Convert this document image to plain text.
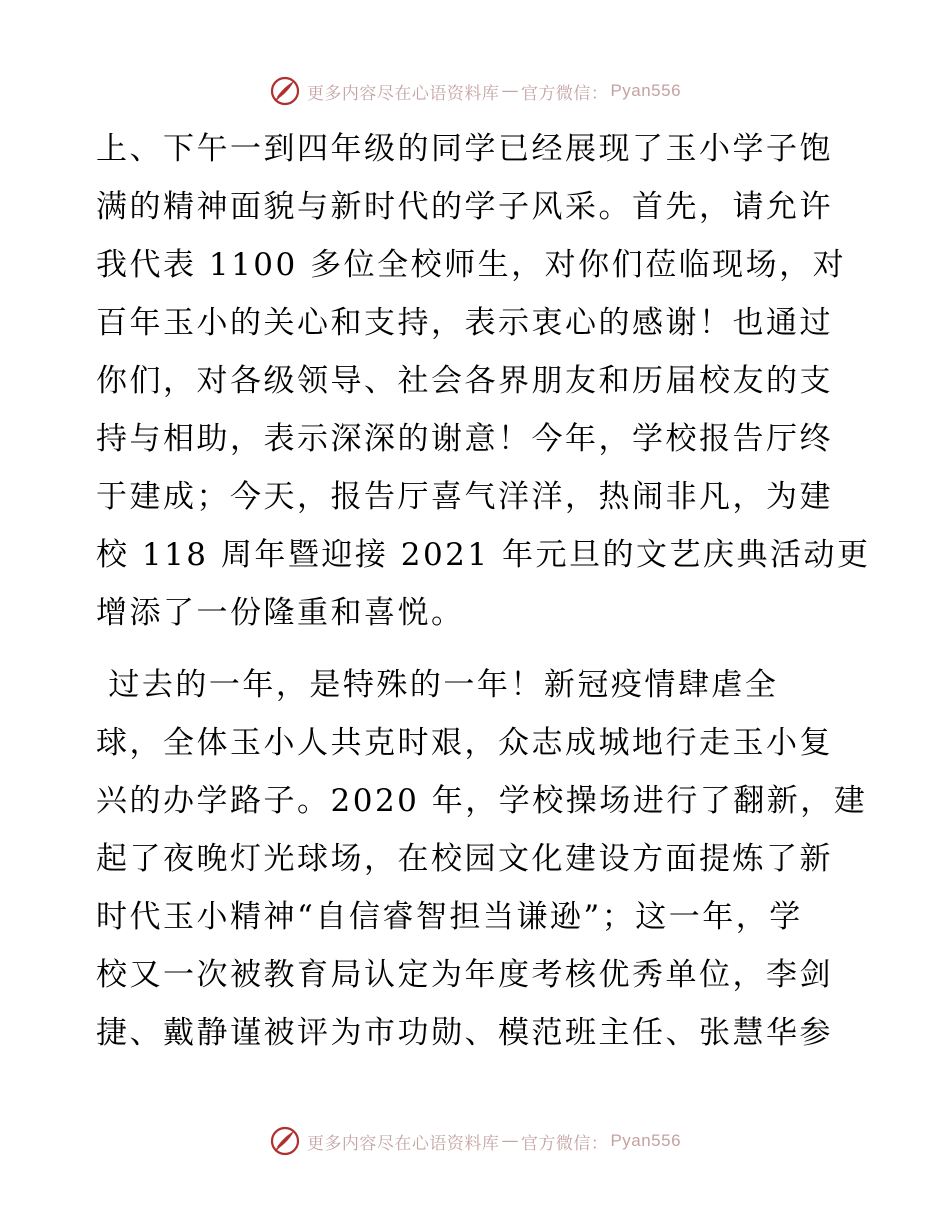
更多内容尽在心语资料库 — 官方微信： Pyan556
上、下午一到四年级的同学已经展现了玉小学子饱
满的精神面貌与新时代的学子风采。首先，请允许
我代表 1100 多位全校师生，对你们莅临现场，对
百年玉小的关心和支持，表示衷心的感谢！也通过
你们，对各级领导、社会各界朋友和历届校友的支
持与相助，表示深深的谢意！今年，学校报告厅终
于建成；今天，报告厅喜气洋洋，热闹非凡，为建
校 118 周年暨迎接 2021 年元旦的文艺庆典活动更
增添了一份隆重和喜悦。
过去的一年，是特殊的一年！新冠疫情肆虐全
球，全体玉小人共克时艰，众志成城地行走玉小复
兴的办学路子。2020 年，学校操场进行了翻新，建
起了夜晚灯光球场，在校园文化建设方面提炼了新
时代玉小精神“自信睿智担当谦逊”；这一年，学
校又一次被教育局认定为年度考核优秀单位，李剑
捷、戴静谨被评为市功勋、模范班主任、张慧华参
更多内容尽在心语资料库 — 官方微信： Pyan556
